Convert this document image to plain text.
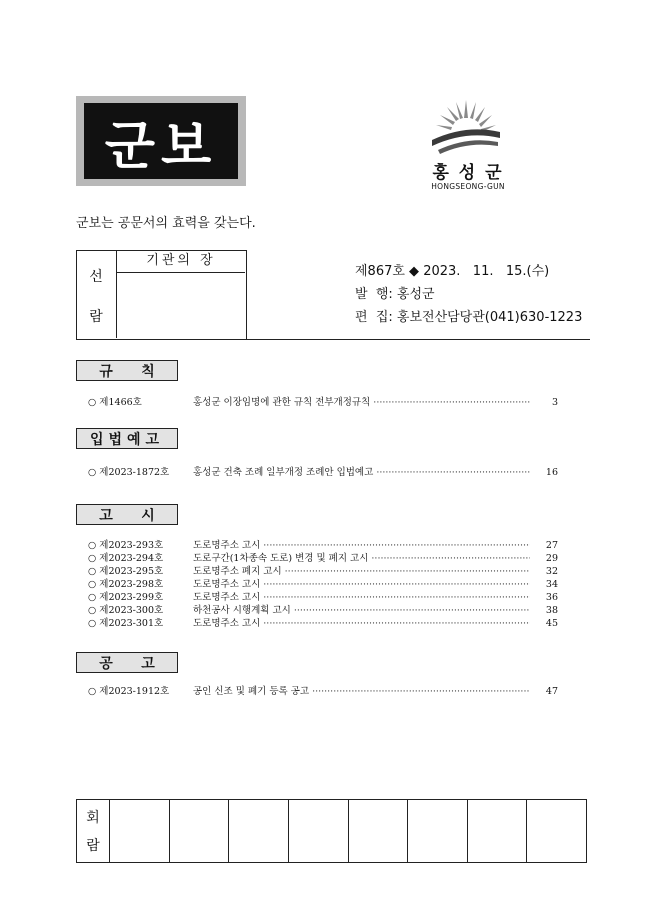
군보	홍 성 군
HONGSEONG-GUN
군보는 공문서의 효력을 갖는다.
선
람
기관의 장
제867호 ◆ 2023.   11.   15.(수)
발  행: 홍성군
편  집: 홍보전산담당관(041)630-1223
규 칙
○ 제1466호	홍성군 이장임명에 관한 규칙 전부개정규칙 ·····	3
입법예고
○ 제2023-1872호	홍성군 건축 조례 일부개정 조례안 입법예고 ·····	16
고 시
○ 제2023-293호	도로명주소 고시 ·····	27
○ 제2023-294호	도로구간(1차종속 도로) 변경 및 폐지 고시 ·····	29
○ 제2023-295호	도로명주소 폐지 고시 ·····	32
○ 제2023-298호	도로명주소 고시 ·····	34
○ 제2023-299호	도로명주소 고시 ·····	36
○ 제2023-300호	하천공사 시행계획 고시 ·····	38
○ 제2023-301호	도로명주소 고시 ·····	45
공 고
○ 제2023-1912호	공인 신조 및 폐기 등록 공고 ·····	47
회
람
